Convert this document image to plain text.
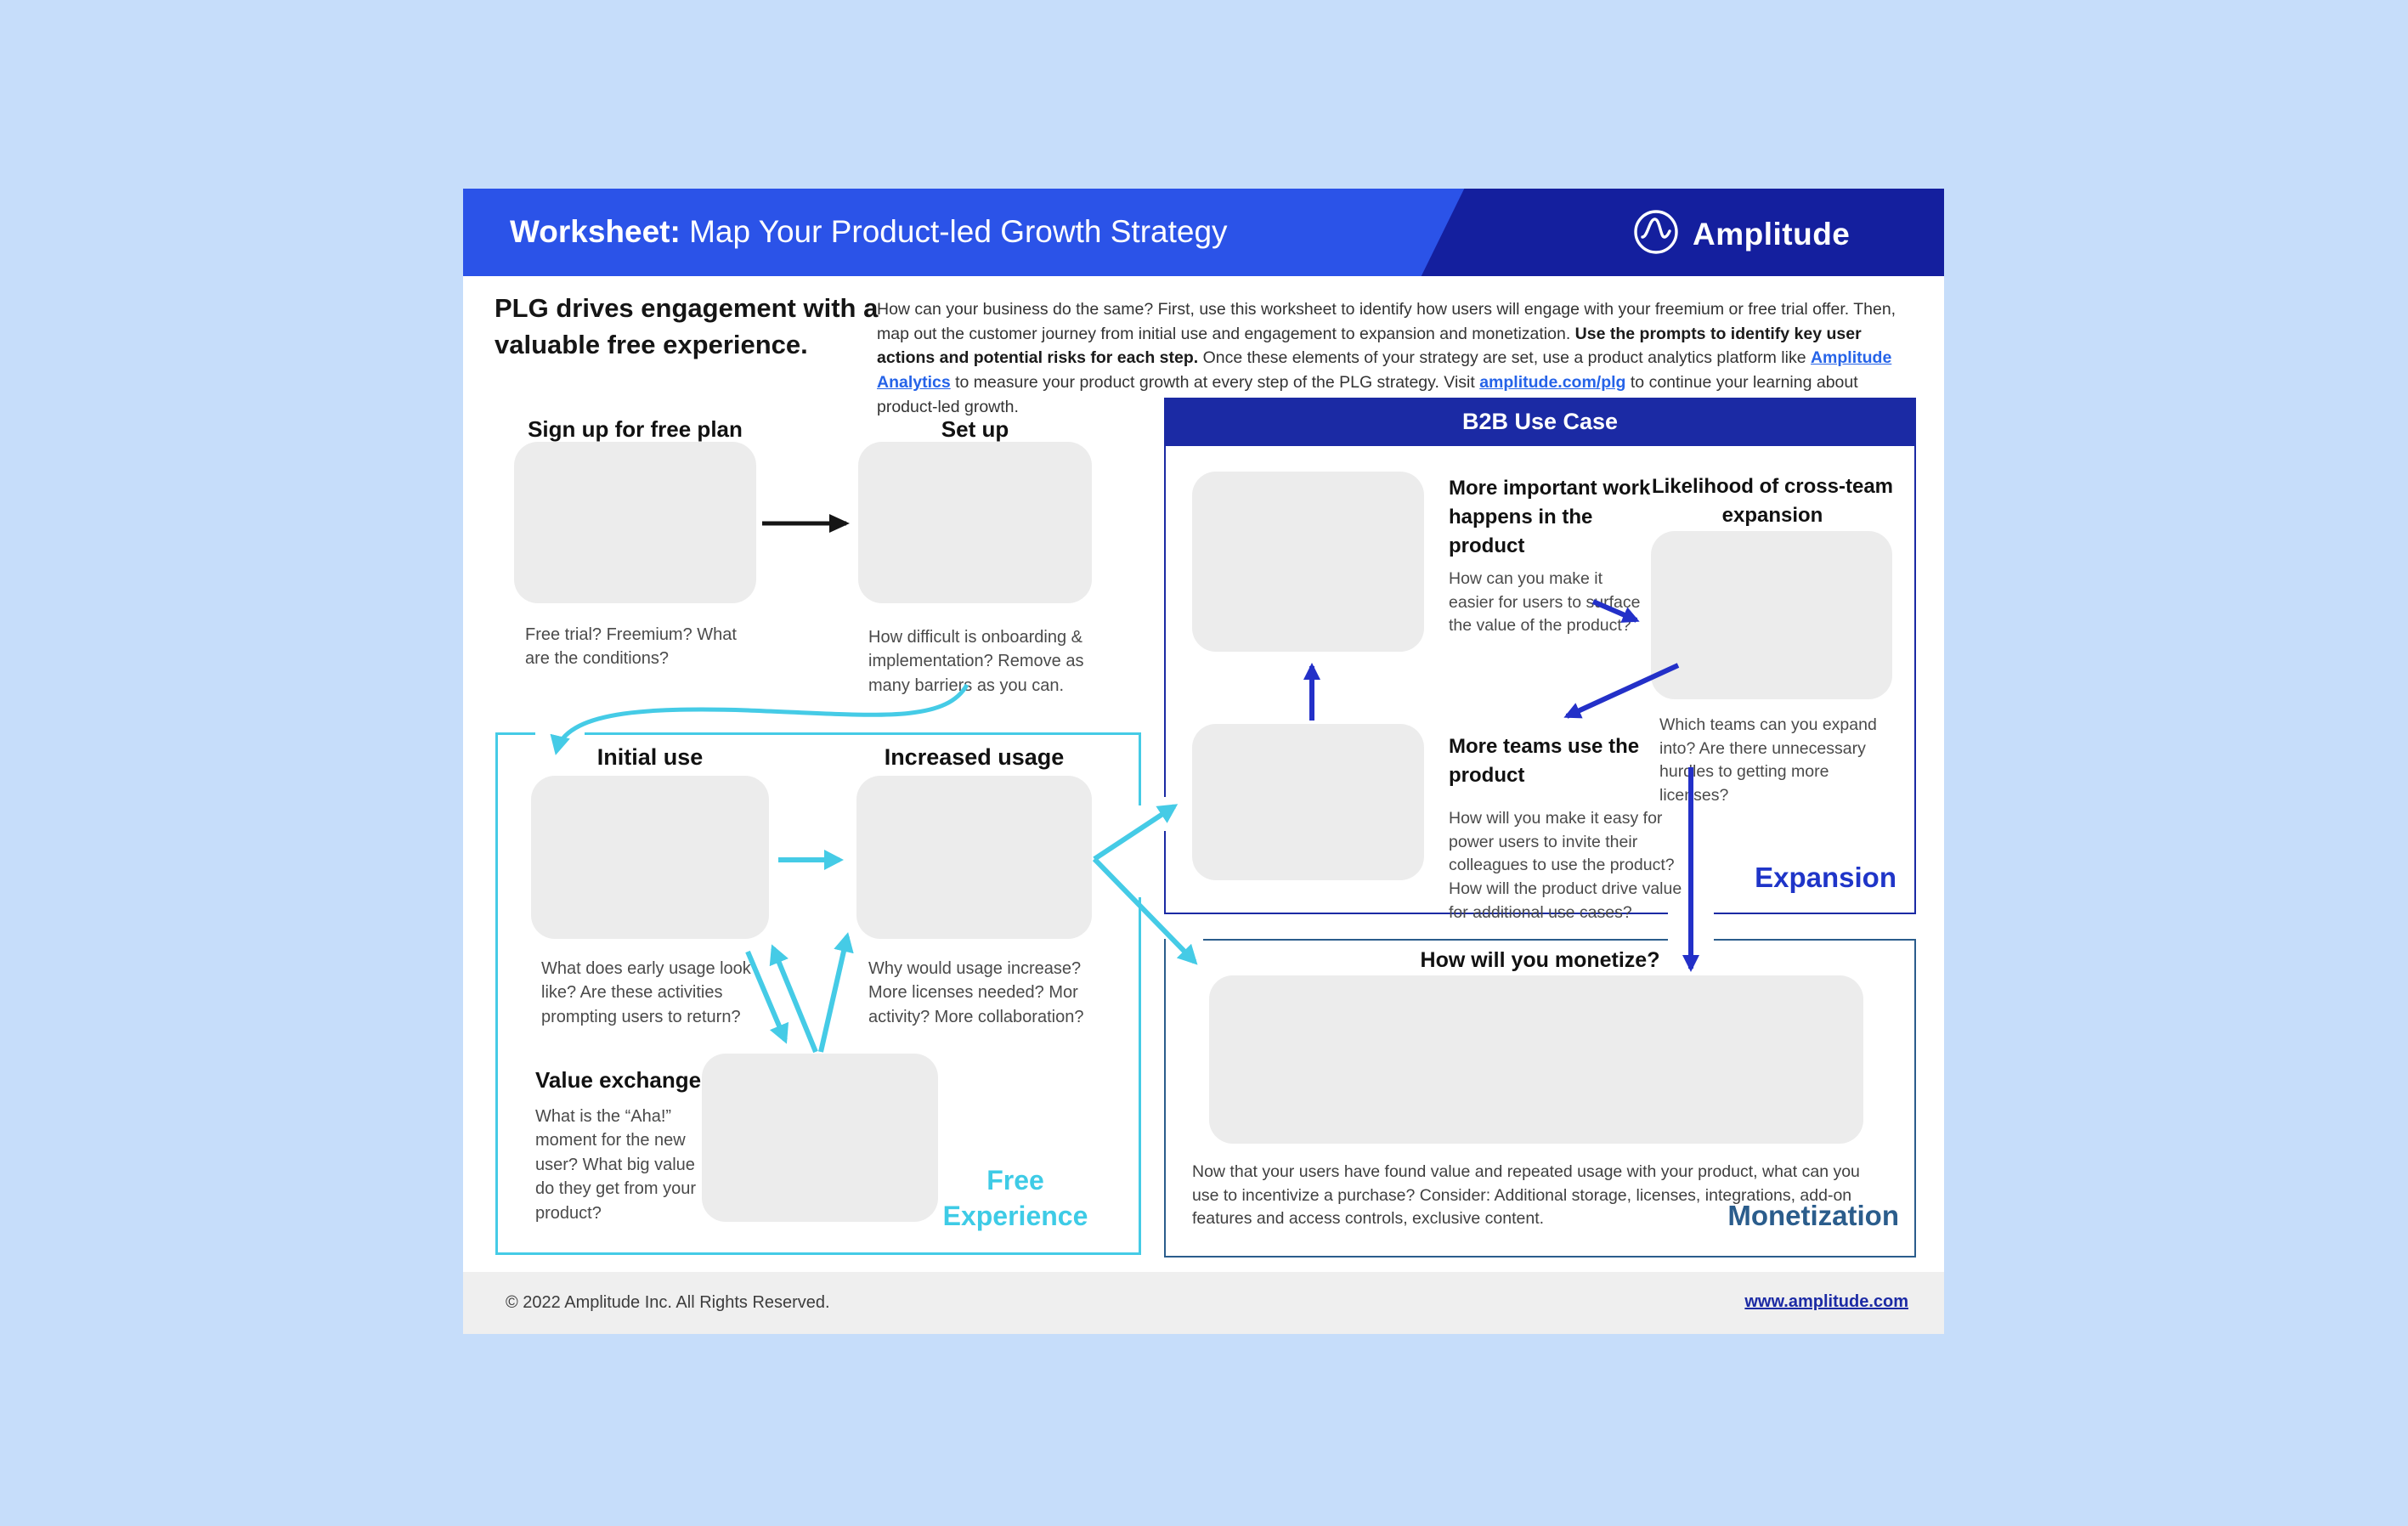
Worksheet: Map Your Product-led Growth Strategy	Amplitude
PLG drives engagement with a valuable free experience.
How can your business do the same? First, use this worksheet to identify how users will engage with your freemium or free trial offer. Then, map out the customer journey from initial use and engagement to expansion and monetization. Use the prompts to identify key user actions and potential risks for each step. Once these elements of your strategy are set, use a product analytics platform like Amplitude Analytics to measure your product growth at every step of the PLG strategy. Visit amplitude.com/plg to continue your learning about product-led growth.
Sign up for free plan
Free trial? Freemium? What are the conditions?
Set up
How difficult is onboarding & implementation? Remove as many barriers as you can.
Initial use
What does early usage look like? Are these activities prompting users to return?
Increased usage
Why would usage increase? More licenses needed? Mor activity? More collaboration?
Value exchange
What is the “Aha!” moment for the new user? What big value do they get from your product?
Free Experience
B2B Use Case
More important work happens in the product
How can you make it easier for users to surface the value of the product?
Likelihood of cross-team expansion
Which teams can you expand into? Are there unnecessary hurdles to getting more licenses?
More teams use the product
How will you make it easy for power users to invite their colleagues to use the product? How will the product drive value for additional use cases?
Expansion
How will you monetize?
Now that your users have found value and repeated usage with your product, what can you use to incentivize a purchase? Consider: Additional storage, licenses, integrations, add-on features and access controls, exclusive content.	Monetization
© 2022 Amplitude Inc. All Rights Reserved.	www.amplitude.com
